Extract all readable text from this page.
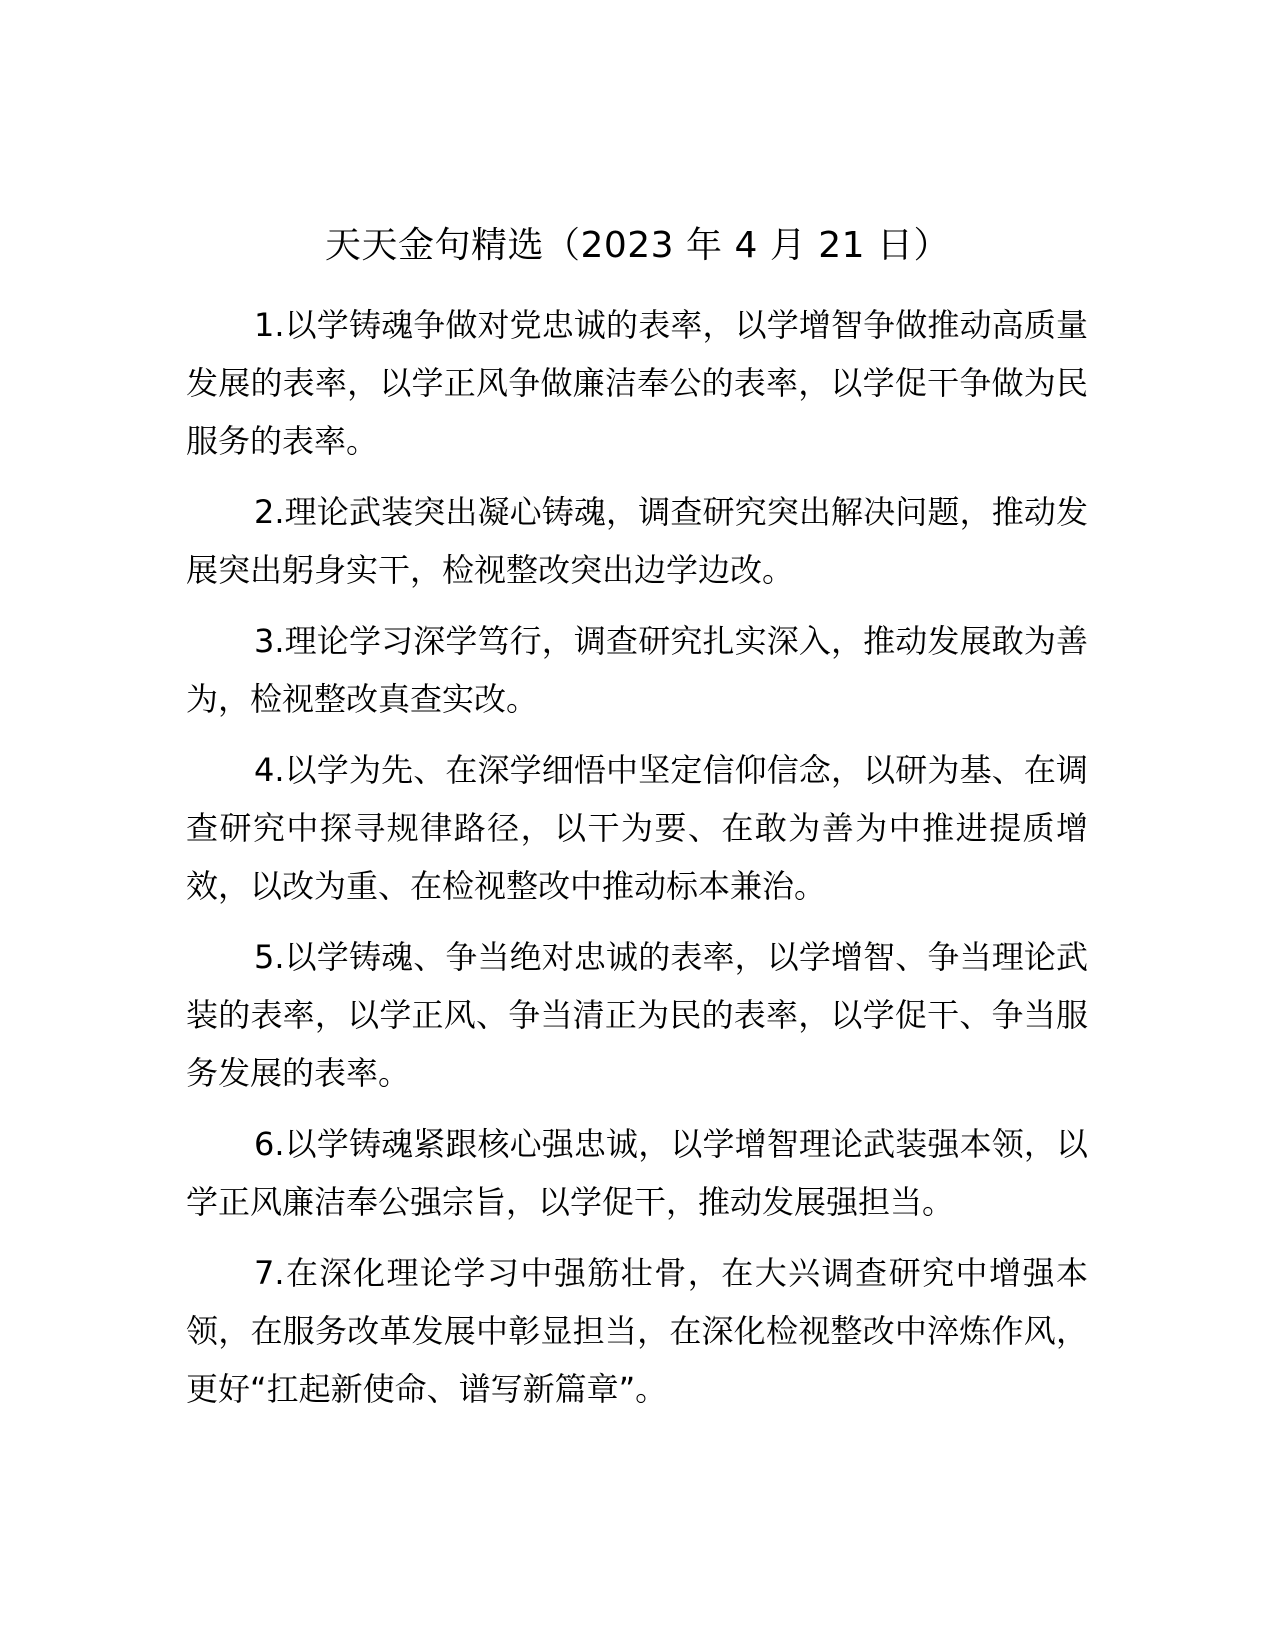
天天金句精选（2023 年 4 月 21 日）

1.以学铸魂争做对党忠诚的表率，以学增智争做推动高质量发展的表率，以学正风争做廉洁奉公的表率，以学促干争做为民服务的表率。

2.理论武装突出凝心铸魂，调查研究突出解决问题，推动发展突出躬身实干，检视整改突出边学边改。

3.理论学习深学笃行，调查研究扎实深入，推动发展敢为善为，检视整改真查实改。

4.以学为先、在深学细悟中坚定信仰信念，以研为基、在调查研究中探寻规律路径，以干为要、在敢为善为中推进提质增效，以改为重、在检视整改中推动标本兼治。

5.以学铸魂、争当绝对忠诚的表率，以学增智、争当理论武装的表率，以学正风、争当清正为民的表率，以学促干、争当服务发展的表率。

6.以学铸魂紧跟核心强忠诚，以学增智理论武装强本领，以学正风廉洁奉公强宗旨，以学促干，推动发展强担当。

7.在深化理论学习中强筋壮骨，在大兴调查研究中增强本领，在服务改革发展中彰显担当，在深化检视整改中淬炼作风，更好“扛起新使命、谱写新篇章”。
